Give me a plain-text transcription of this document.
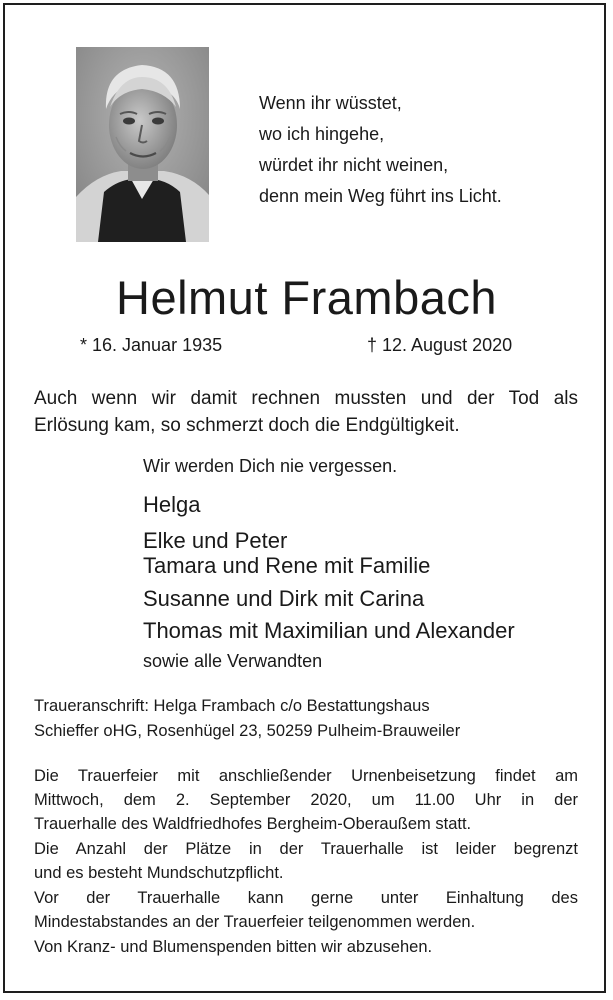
Wenn ihr wüsstet,
wo ich hingehe,
würdet ihr nicht weinen,
denn mein Weg führt ins Licht.
Helmut Frambach
* 16. Januar 1935	† 12. August 2020
Auch wenn wir damit rechnen mussten und der Tod als
Erlösung kam, so schmerzt doch die Endgültigkeit.
Wir werden Dich nie vergessen.
Helga
Elke und Peter
Tamara und Rene mit Familie
Susanne und Dirk mit Carina
Thomas mit Maximilian und Alexander
sowie alle Verwandten
Traueranschrift: Helga Frambach c/o Bestattungshaus
Schieffer oHG, Rosenhügel 23, 50259 Pulheim-Brauweiler
Die Trauerfeier mit anschließender Urnenbeisetzung findet am
Mittwoch, dem 2. September 2020, um 11.00 Uhr in der
Trauerhalle des Waldfriedhofes Bergheim-Oberaußem statt.
Die Anzahl der Plätze in der Trauerhalle ist leider begrenzt
und es besteht Mundschutzpflicht.
Vor der Trauerhalle kann gerne unter Einhaltung des
Mindestabstandes an der Trauerfeier teilgenommen werden.
Von Kranz- und Blumenspenden bitten wir abzusehen.
